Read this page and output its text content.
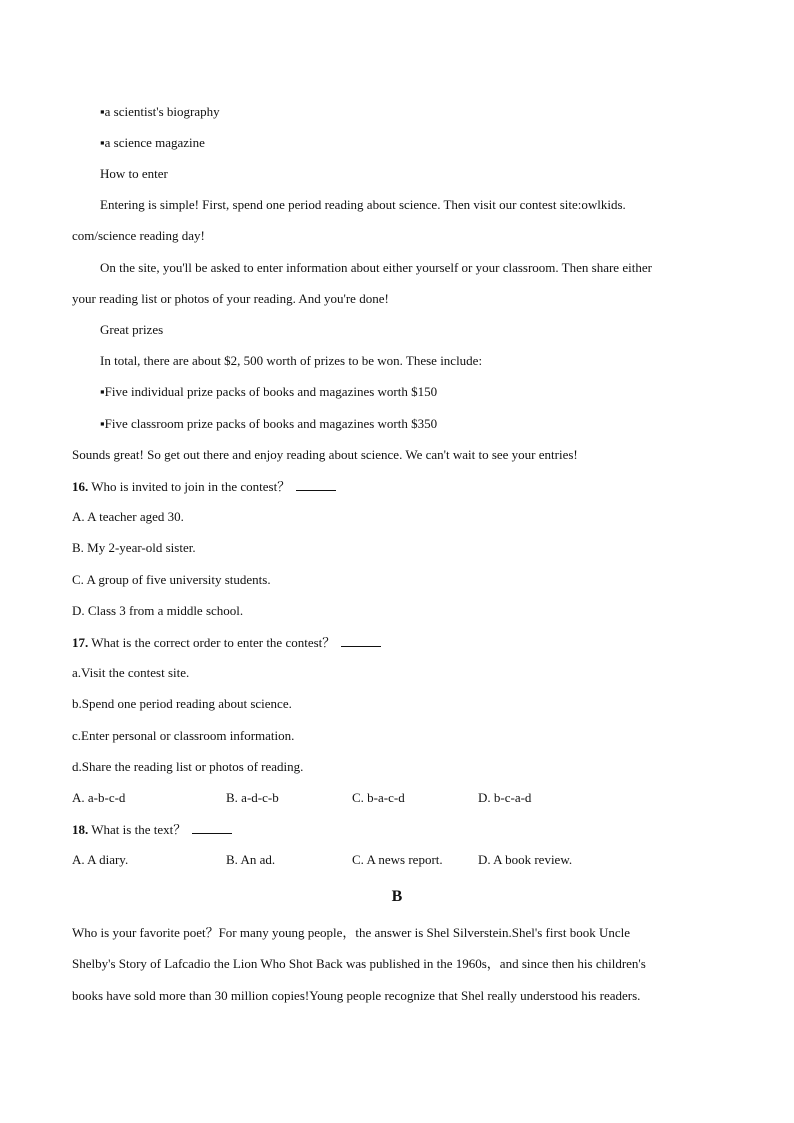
▪a scientist's biography
▪a science magazine
How to enter
Entering is simple! First, spend one period reading about science. Then visit our contest site:owlkids.
com/science reading day!
On the site, you'll be asked to enter information about either yourself or your classroom. Then share either
your reading list or photos of your reading. And you're done!
Great prizes
In total, there are about $2, 500 worth of prizes to be won. These include:
▪Five individual prize packs of books and magazines worth $150
▪Five classroom prize packs of books and magazines worth $350
Sounds great! So get out there and enjoy reading about science. We can't wait to see your entries!
16. Who is invited to join in the contest？
A. A teacher aged 30.
B. My 2-year-old sister.
C. A group of five university students.
D. Class 3 from a middle school.
17. What is the correct order to enter the contest？
a.Visit the contest site.
b.Spend one period reading about science.
c.Enter personal or classroom information.
d.Share the reading list or photos of reading.
A. a-b-c-d	B. a-d-c-b	C. b-a-c-d	D. b-c-a-d
18. What is the text？
A. A diary.	B. An ad.	C. A news report.	D. A book review.
B
Who is your favorite poet？For many young people，the answer is Shel Silverstein.Shel's first book Uncle
Shelby's Story of Lafcadio the Lion Who Shot Back was published in the 1960s，and since then his children's
books have sold more than 30 million copies!Young people recognize that Shel really understood his readers.
